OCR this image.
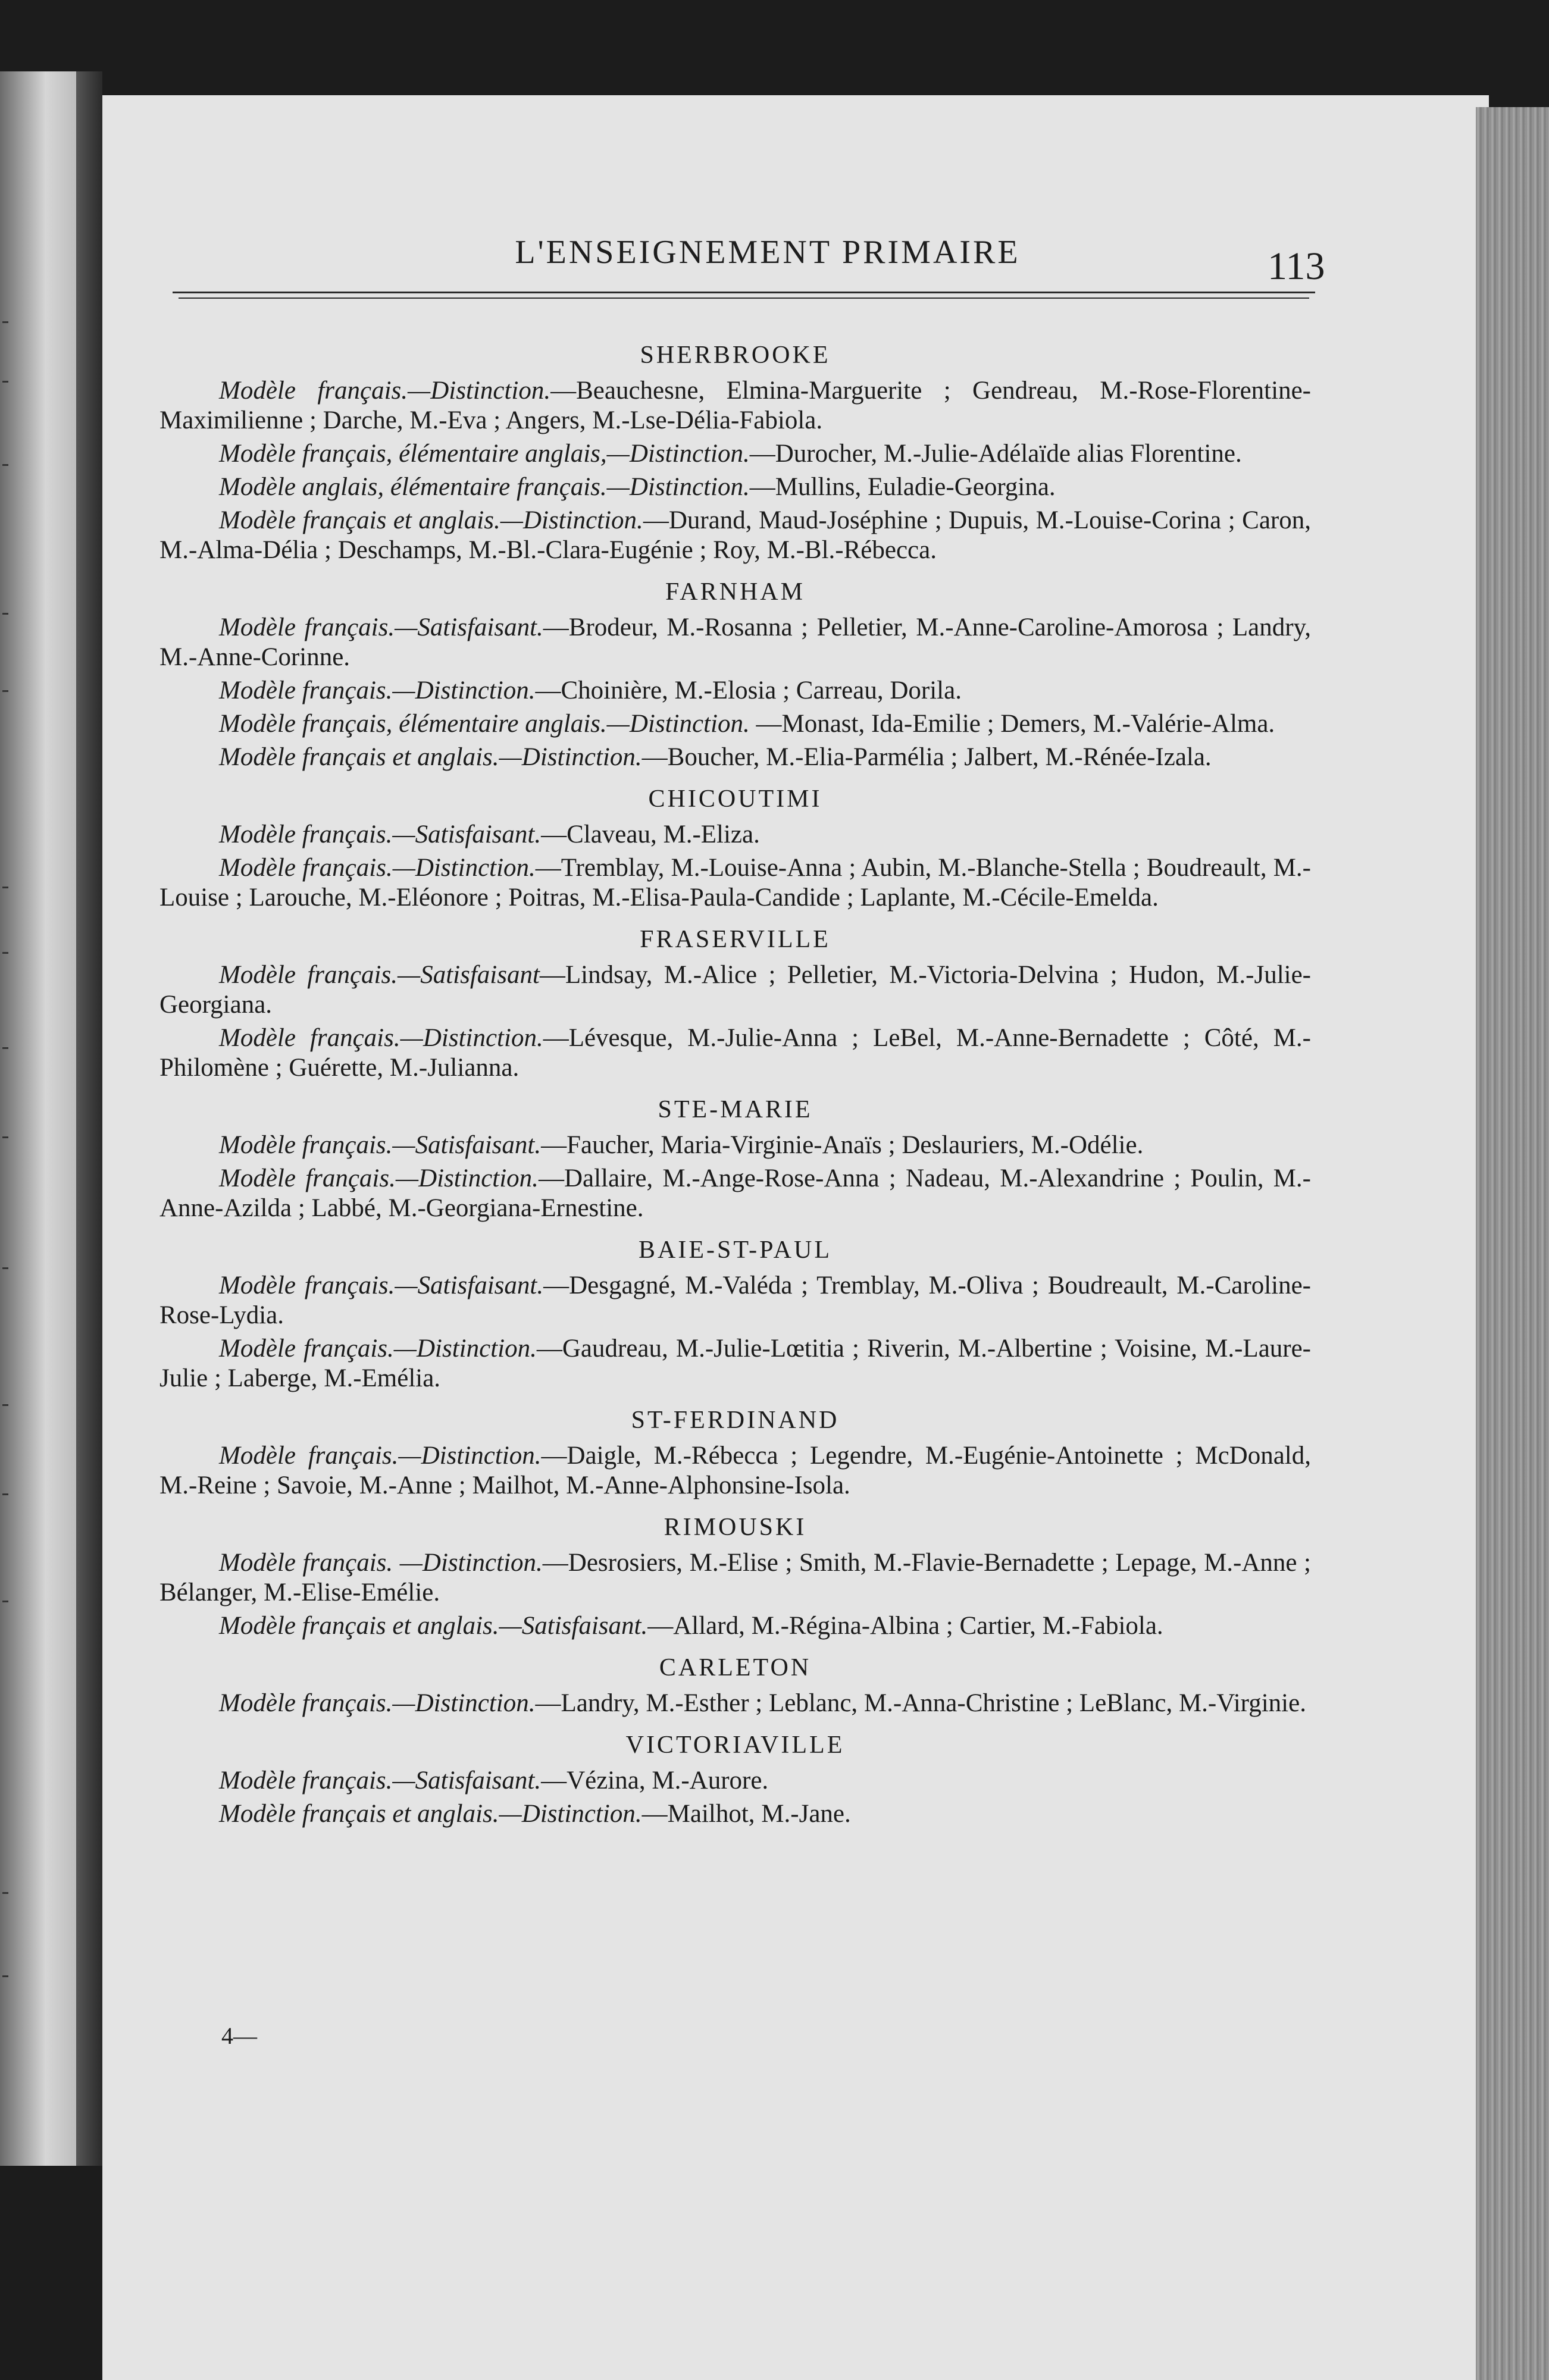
L'ENSEIGNEMENT PRIMAIRE	113
SHERBROOKE

Modèle français.—Distinction.—Beauchesne, Elmina-Marguerite ; Gendreau, M.-Rose-Florentine-Maximilienne ; Darche, M.-Eva ; Angers, M.-Lse-Délia-Fabiola.

Modèle français, élémentaire anglais,—Distinction.—Durocher, M.-Julie-Adélaïde alias Florentine.

Modèle anglais, élémentaire français.—Distinction.—Mullins, Euladie-Georgina.

Modèle français et anglais.—Distinction.—Durand, Maud-Joséphine ; Dupuis, M.-Louise-Corina ; Caron, M.-Alma-Délia ; Deschamps, M.-Bl.-Clara-Eugénie ; Roy, M.-Bl.-Rébecca.

FARNHAM

Modèle français.—Satisfaisant.—Brodeur, M.-Rosanna ; Pelletier, M.-Anne-Caroline-Amorosa ; Landry, M.-Anne-Corinne.

Modèle français.—Distinction.—Choinière, M.-Elosia ; Carreau, Dorila.

Modèle français, élémentaire anglais.—Distinction. —Monast, Ida-Emilie ; Demers, M.-Valérie-Alma.

Modèle français et anglais.—Distinction.—Boucher, M.-Elia-Parmélia ; Jalbert, M.-Rénée-Izala.

CHICOUTIMI

Modèle français.—Satisfaisant.—Claveau, M.-Eliza.

Modèle français.—Distinction.—Tremblay, M.-Louise-Anna ; Aubin, M.-Blanche-Stella ; Boudreault, M.-Louise ; Larouche, M.-Eléonore ; Poitras, M.-Elisa-Paula-Candide ; Laplante, M.-Cécile-Emelda.

FRASERVILLE

Modèle français.—Satisfaisant—Lindsay, M.-Alice ; Pelletier, M.-Victoria-Delvina ; Hudon, M.-Julie-Georgiana.

Modèle français.—Distinction.—Lévesque, M.-Julie-Anna ; LeBel, M.-Anne-Bernadette ; Côté, M.-Philomène ; Guérette, M.-Julianna.

STE-MARIE

Modèle français.—Satisfaisant.—Faucher, Maria-Virginie-Anaïs ; Deslauriers, M.-Odélie.

Modèle français.—Distinction.—Dallaire, M.-Ange-Rose-Anna ; Nadeau, M.-Alexandrine ; Poulin, M.-Anne-Azilda ; Labbé, M.-Georgiana-Ernestine.

BAIE-ST-PAUL

Modèle français.—Satisfaisant.—Desgagné, M.-Valéda ; Tremblay, M.-Oliva ; Boudreault, M.-Caroline-Rose-Lydia.

Modèle français.—Distinction.—Gaudreau, M.-Julie-Lœtitia ; Riverin, M.-Albertine ; Voisine, M.-Laure-Julie ; Laberge, M.-Emélia.

ST-FERDINAND

Modèle français.—Distinction.—Daigle, M.-Rébecca ; Legendre, M.-Eugénie-Antoinette ; McDonald, M.-Reine ; Savoie, M.-Anne ; Mailhot, M.-Anne-Alphonsine-Isola.

RIMOUSKI

Modèle français. —Distinction.—Desrosiers, M.-Elise ; Smith, M.-Flavie-Bernadette ; Lepage, M.-Anne ; Bélanger, M.-Elise-Emélie.

Modèle français et anglais.—Satisfaisant.—Allard, M.-Régina-Albina ; Cartier, M.-Fabiola.

CARLETON

Modèle français.—Distinction.—Landry, M.-Esther ; Leblanc, M.-Anna-Christine ; LeBlanc, M.-Virginie.

VICTORIAVILLE

Modèle français.—Satisfaisant.—Vézina, M.-Aurore.

Modèle français et anglais.—Distinction.—Mailhot, M.-Jane.

4—
